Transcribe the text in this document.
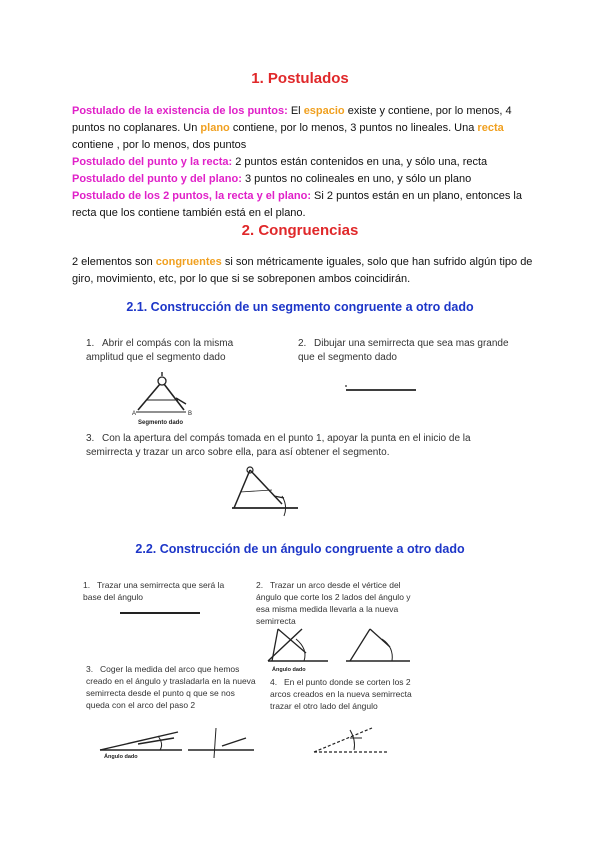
1. Postulados
Postulado de la existencia de los puntos: El espacio existe y contiene, por lo menos, 4 puntos no coplanares. Un plano contiene, por lo menos, 3 puntos no lineales. Una recta contiene , por lo menos, dos puntos
Postulado del punto y la recta: 2 puntos están contenidos en una, y sólo una, recta
Postulado del punto y del plano: 3 puntos no colineales en uno, y sólo un plano
Postulado de los 2 puntos, la recta y el plano: Si 2 puntos están en un plano, entonces la recta que los contiene también está en el plano.
2. Congruencias
2 elementos son congruentes si son métricamente iguales, solo que han sufrido algún tipo de giro, movimiento, etc, por lo que si se sobreponen ambos coincidirán.
2.1. Construcción de un segmento congruente a otro dado
1. Abrir el compás con la misma amplitud que el segmento dado
2. Dibujar una semirrecta que sea mas grande que el segmento dado
A	B
Segmento dado
3. Con la apertura del compás tomada en el punto 1, apoyar la punta en el inicio de la semirrecta y trazar un arco sobre ella, para así obtener el segmento.
2.2. Construcción de un ángulo congruente a otro dado
1. Trazar una semirrecta que será la base del ángulo
2. Trazar un arco desde el vértice del ángulo que corte los 2 lados del ángulo y esa misma medida llevarla a la nueva semirrecta
Ángulo dado
3. Coger la medida del arco que hemos creado en el ángulo y trasladarla en la nueva semirrecta desde el punto q que se nos queda con el arco del paso 2
4. En el punto donde se corten los 2 arcos creados en la nueva semirrecta trazar el otro lado del ángulo
Ángulo dado
